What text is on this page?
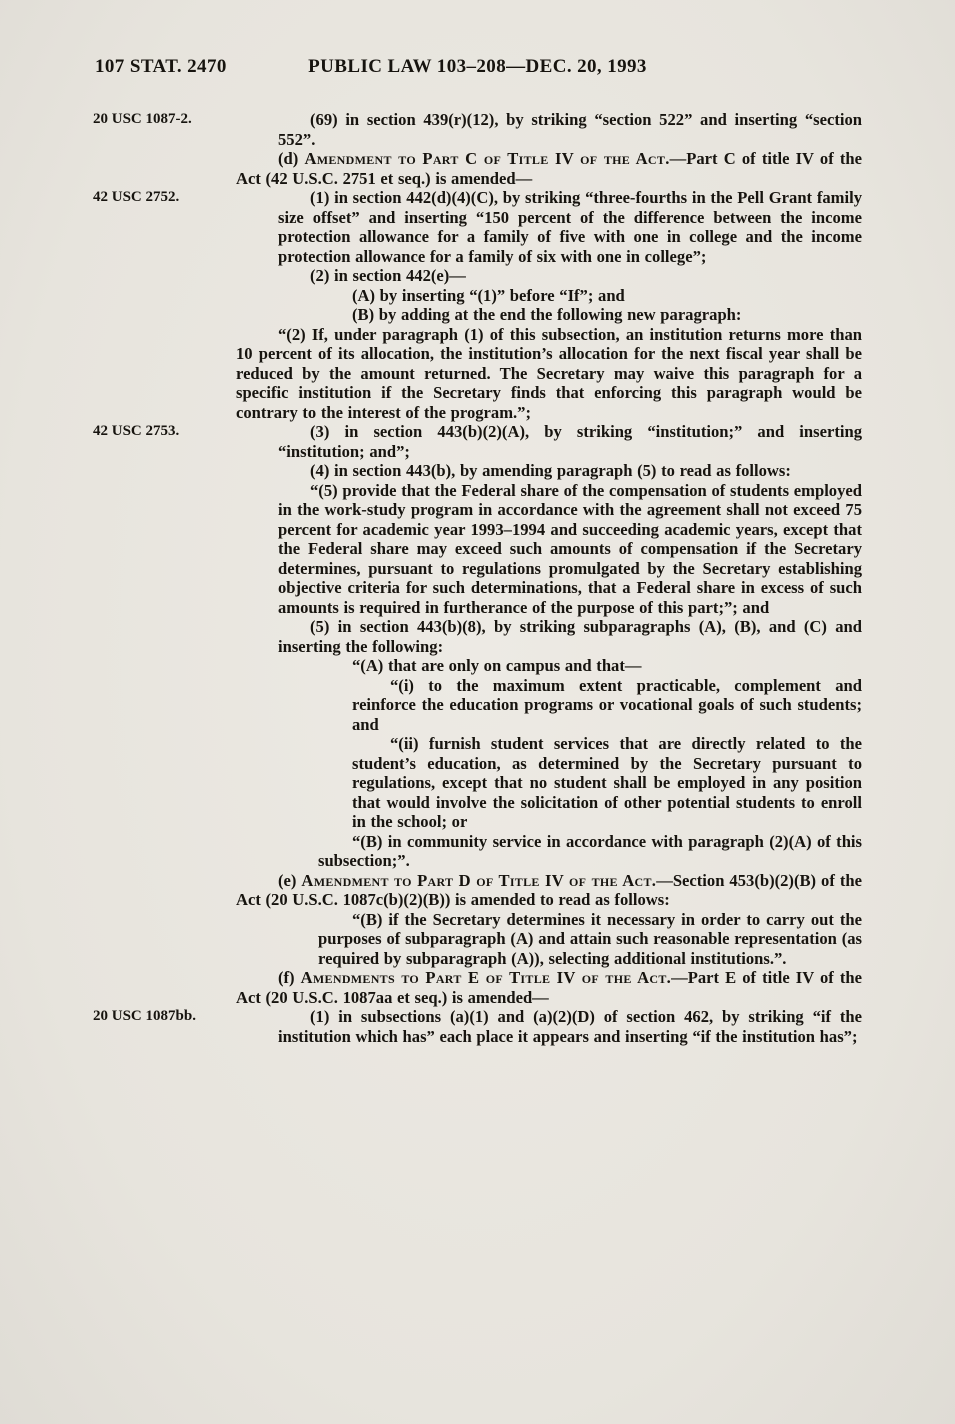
107 STAT. 2470	PUBLIC LAW 103–208—DEC. 20, 1993
20 USC 1087-2.	(69) in section 439(r)(12), by striking “section 522” and inserting “section 552”.

(d) Amendment to Part C of Title IV of the Act.—Part C of title IV of the Act (42 U.S.C. 2751 et seq.) is amended—

42 USC 2752.	(1) in section 442(d)(4)(C), by striking “three-fourths in the Pell Grant family size offset” and inserting “150 percent of the difference between the income protection allowance for a family of five with one in college and the income protection allowance for a family of six with one in college”;

(2) in section 442(e)—

(A) by inserting “(1)” before “If”; and

(B) by adding at the end the following new paragraph:

“(2) If, under paragraph (1) of this subsection, an institution returns more than 10 percent of its allocation, the institution’s allocation for the next fiscal year shall be reduced by the amount returned. The Secretary may waive this paragraph for a specific institution if the Secretary finds that enforcing this paragraph would be contrary to the interest of the program.”;

42 USC 2753.	(3) in section 443(b)(2)(A), by striking “institution;” and inserting “institution; and”;

(4) in section 443(b), by amending paragraph (5) to read as follows:

“(5) provide that the Federal share of the compensation of students employed in the work-study program in accordance with the agreement shall not exceed 75 percent for academic year 1993–1994 and succeeding academic years, except that the Federal share may exceed such amounts of compensation if the Secretary determines, pursuant to regulations promulgated by the Secretary establishing objective criteria for such determinations, that a Federal share in excess of such amounts is required in furtherance of the purpose of this part;”; and

(5) in section 443(b)(8), by striking subparagraphs (A), (B), and (C) and inserting the following:

“(A) that are only on campus and that—

“(i) to the maximum extent practicable, complement and reinforce the education programs or vocational goals of such students; and

“(ii) furnish student services that are directly related to the student’s education, as determined by the Secretary pursuant to regulations, except that no student shall be employed in any position that would involve the solicitation of other potential students to enroll in the school; or

“(B) in community service in accordance with paragraph (2)(A) of this subsection;”.

(e) Amendment to Part D of Title IV of the Act.—Section 453(b)(2)(B) of the Act (20 U.S.C. 1087c(b)(2)(B)) is amended to read as follows:

“(B) if the Secretary determines it necessary in order to carry out the purposes of subparagraph (A) and attain such reasonable representation (as required by subparagraph (A)), selecting additional institutions.”.

(f) Amendments to Part E of Title IV of the Act.—Part E of title IV of the Act (20 U.S.C. 1087aa et seq.) is amended—

20 USC 1087bb.	(1) in subsections (a)(1) and (a)(2)(D) of section 462, by striking “if the institution which has” each place it appears and inserting “if the institution has”;
